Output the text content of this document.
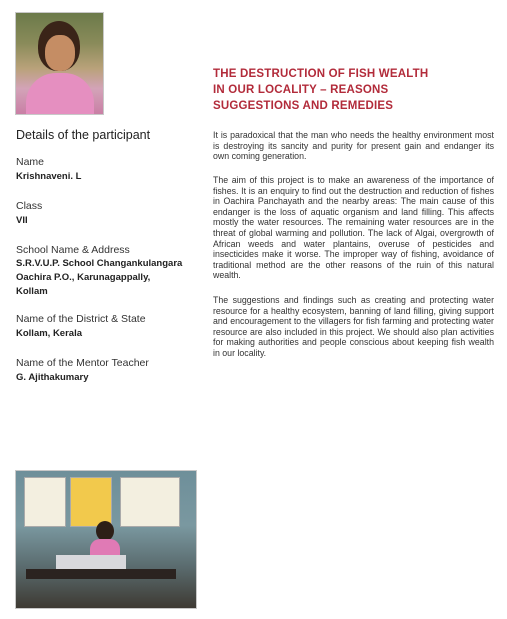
Details of the participant
Name
Krishnaveni. L
Class
VII
School Name & Address
S.R.V.U.P. School Changankulangara
Oachira P.O., Karunagappally,
Kollam
Name of the District & State
Kollam, Kerala
Name of the Mentor Teacher
G. Ajithakumary
THE DESTRUCTION OF FISH WEALTH
IN OUR LOCALITY – REASONS
SUGGESTIONS AND REMEDIES

It is paradoxical that the man who needs the healthy environment most is destroying its sancity and purity for present gain and endanger its own coming generation.

The aim of this project is to make an awareness of the importance of fishes. It is an enquiry to find out the destruction and reduction of fishes in Oachira Panchayath and the nearby areas: The main cause of this endanger is the loss of aquatic organism and land filling. This affects mostly the water resources. The remaining water resources are in the threat of global warming and pollution. The lack of Algai, overgrowth of African weeds and water plantains, overuse of pesticides and insecticides make it worse. The improper way of fishing, avoidance of traditional method are the other reasons of the ruin of this natural wealth.

The suggestions and findings such as creating and protecting water resource for a healthy ecosystem, banning of land filling, giving support and encouragement to the villagers for fish farming and protecting water resource are also included in this project. We should also plan activities for making authorities and people conscious about keeping fish wealth in our locality.
